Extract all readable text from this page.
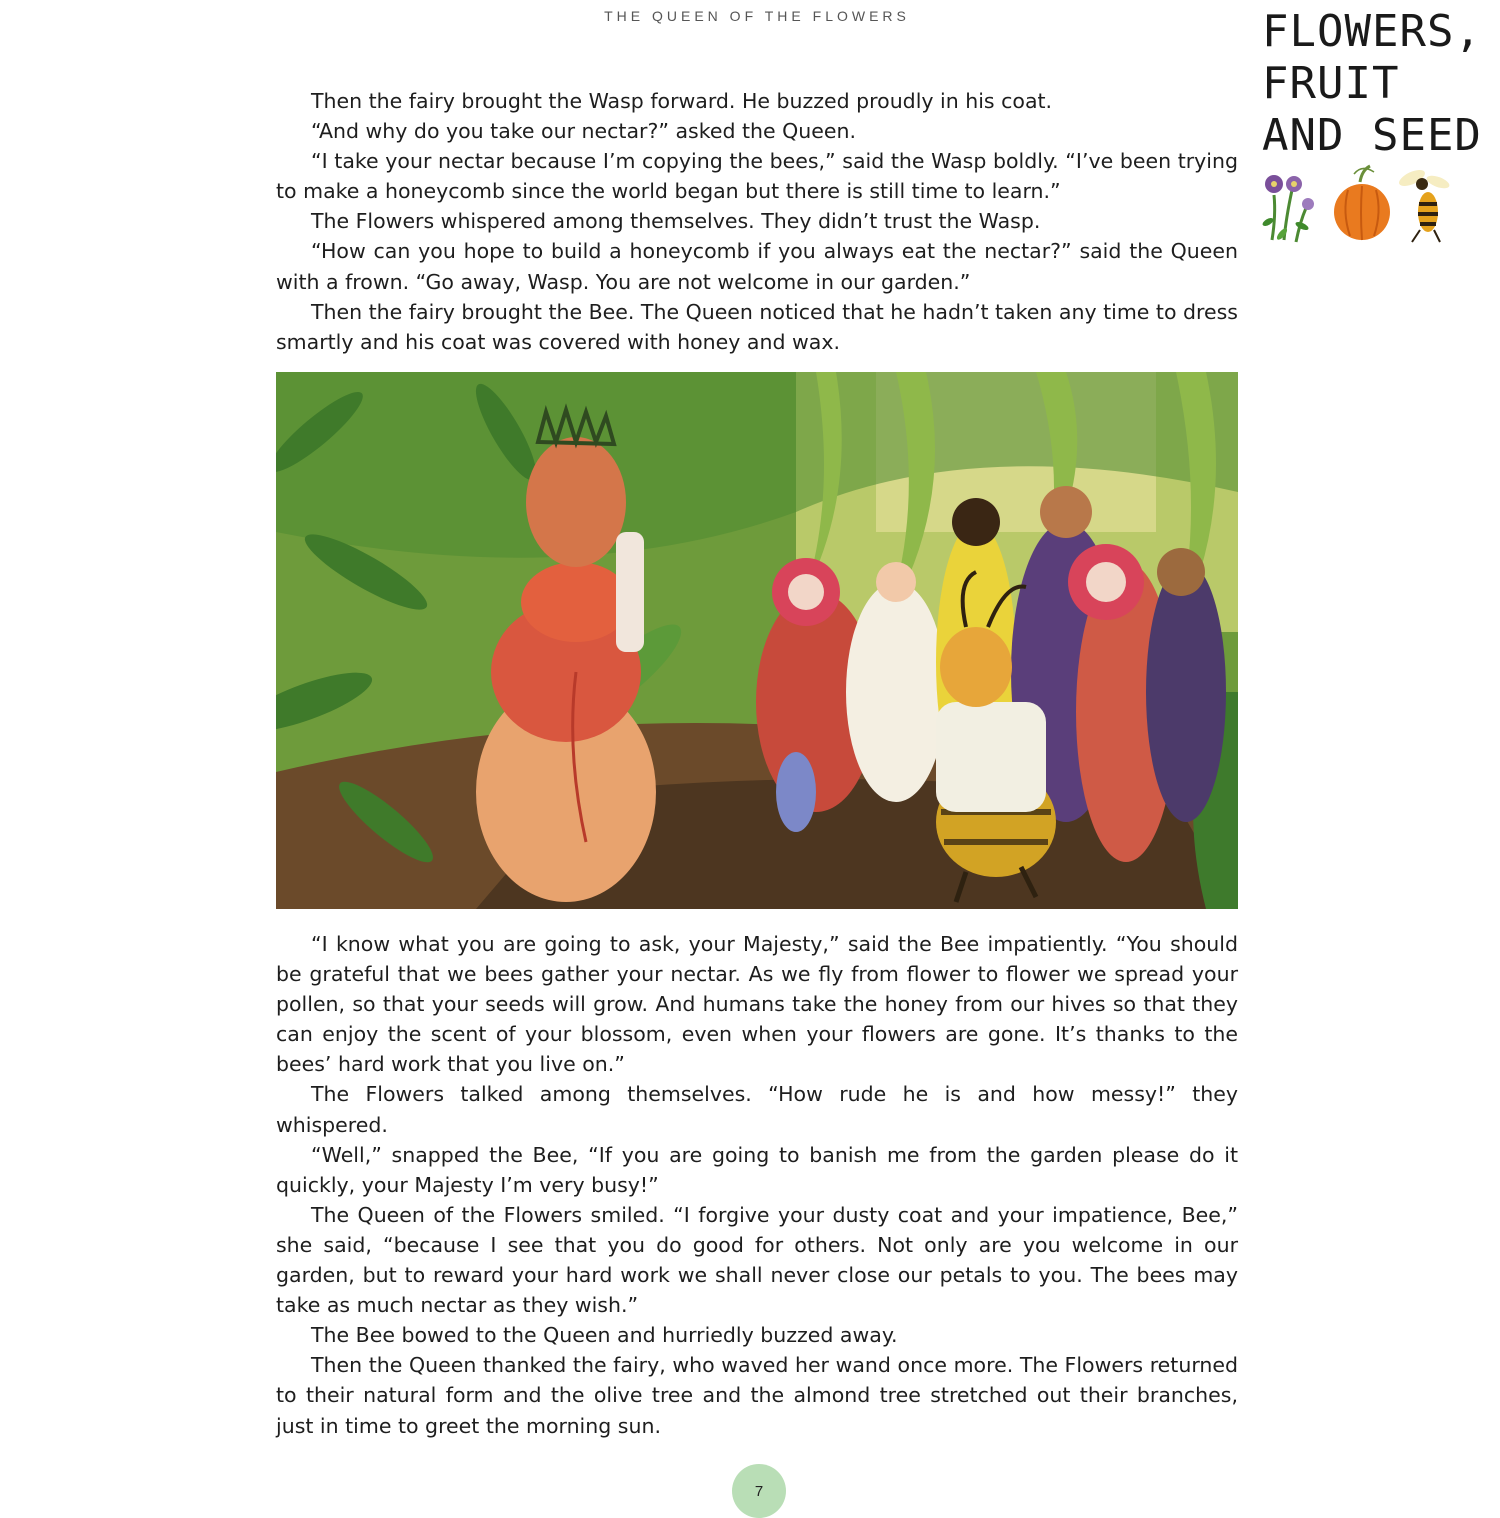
THE QUEEN OF THE FLOWERS	FLOWERS,
FRUIT
AND SEED

Then the fairy brought the Wasp forward. He buzzed proudly in his coat.

“And why do you take our nectar?” asked the Queen.

“I take your nectar because I’m copying the bees,” said the Wasp boldly. “I’ve been trying to make a honeycomb since the world began but there is still time to learn.”

The Flowers whispered among themselves. They didn’t trust the Wasp.

“How can you hope to build a honeycomb if you always eat the nectar?” said the Queen with a frown. “Go away, Wasp. You are not welcome in our garden.”

Then the fairy brought the Bee. The Queen noticed that he hadn’t taken any time to dress smartly and his coat was covered with honey and wax.

“I know what you are going to ask, your Majesty,” said the Bee impatiently. “You should be grateful that we bees gather your nectar. As we fly from flower to flower we spread your pollen, so that your seeds will grow. And humans take the honey from our hives so that they can enjoy the scent of your blossom, even when your flowers are gone. It’s thanks to the bees’ hard work that you live on.”

The Flowers talked among themselves. “How rude he is and how messy!” they whispered.

“Well,” snapped the Bee, “If you are going to banish me from the garden please do it quickly, your Majesty I’m very busy!”

The Queen of the Flowers smiled. “I forgive your dusty coat and your impatience, Bee,” she said, “because I see that you do good for others. Not only are you welcome in our garden, but to reward your hard work we shall never close our petals to you. The bees may take as much nectar as they wish.”

The Bee bowed to the Queen and hurriedly buzzed away.

Then the Queen thanked the fairy, who waved her wand once more. The Flowers returned to their natural form and the olive tree and the almond tree stretched out their branches, just in time to greet the morning sun.

7
